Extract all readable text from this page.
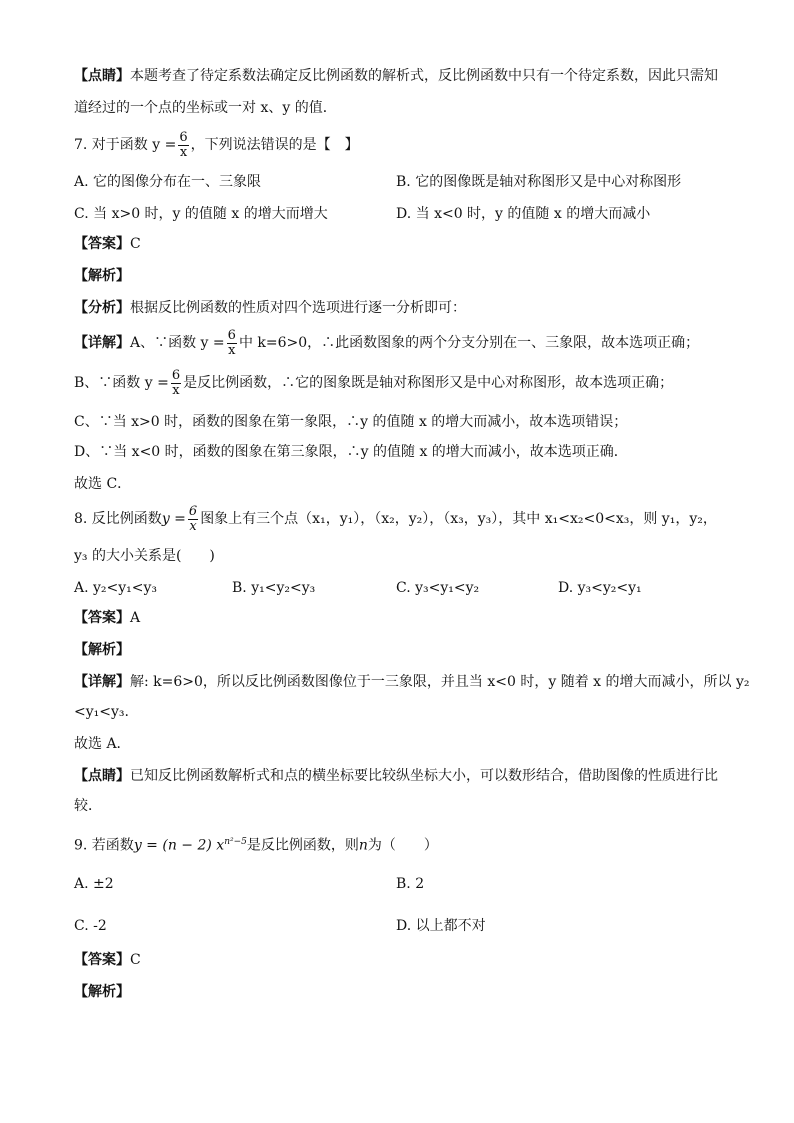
【点睛】本题考查了待定系数法确定反比例函数的解析式，反比例函数中只有一个待定系数，因此只需知
道经过的一个点的坐标或一对 x、y 的值．
7. 对于函数 $y = \frac{6}{x}$ ，下列说法错误的是【　】
A. 它的图像分布在一、三象限	B. 它的图像既是轴对称图形又是中心对称图形
C. 当 x>0 时，y 的值随 x 的增大而增大	D. 当 x<0 时，y 的值随 x 的增大而减小
【答案】C
【解析】
【分析】根据反比例函数的性质对四个选项进行逐一分析即可：
【详解】A、∵函数 $y = \frac{6}{x}$ 中 k=6>0，∴此函数图象的两个分支分别在一、三象限，故本选项正确；
B、∵函数 $y = \frac{6}{x}$ 是反比例函数，∴它的图象既是轴对称图形又是中心对称图形，故本选项正确；
C、∵当 x>0 时，函数的图象在第一象限，∴y 的值随 x 的增大而减小，故本选项错误；
D、∵当 x<0 时，函数的图象在第三象限，∴y 的值随 x 的增大而减小，故本选项正确．
故选 C．
8. 反比例函数$y = \frac{6}{x}$ 图象上有三个点（x₁，y₁），（x₂，y₂），（x₃，y₃），其中 x₁<x₂<0<x₃，则 y₁，y₂，
y₃ 的大小关系是(　　)
A. y₂<y₁<y₃	B. y₁<y₂<y₃	C. y₃<y₁<y₂	D. y₃<y₂<y₁
【答案】A
【解析】
【详解】解: k=6>0，所以反比例函数图像位于一三象限，并且当 x<0 时，y 随着 x 的增大而减小，所以 y₂
<y₁<y₃.
故选 A．
【点睛】已知反比例函数解析式和点的横坐标要比较纵坐标大小，可以数形结合，借助图像的性质进行比
较．
9. 若函数y = (n − 2) $x^{n^2-5}$是反比例函数，则n为（　　）
A. ±2	B. 2
C. -2	D. 以上都不对
【答案】C
【解析】
